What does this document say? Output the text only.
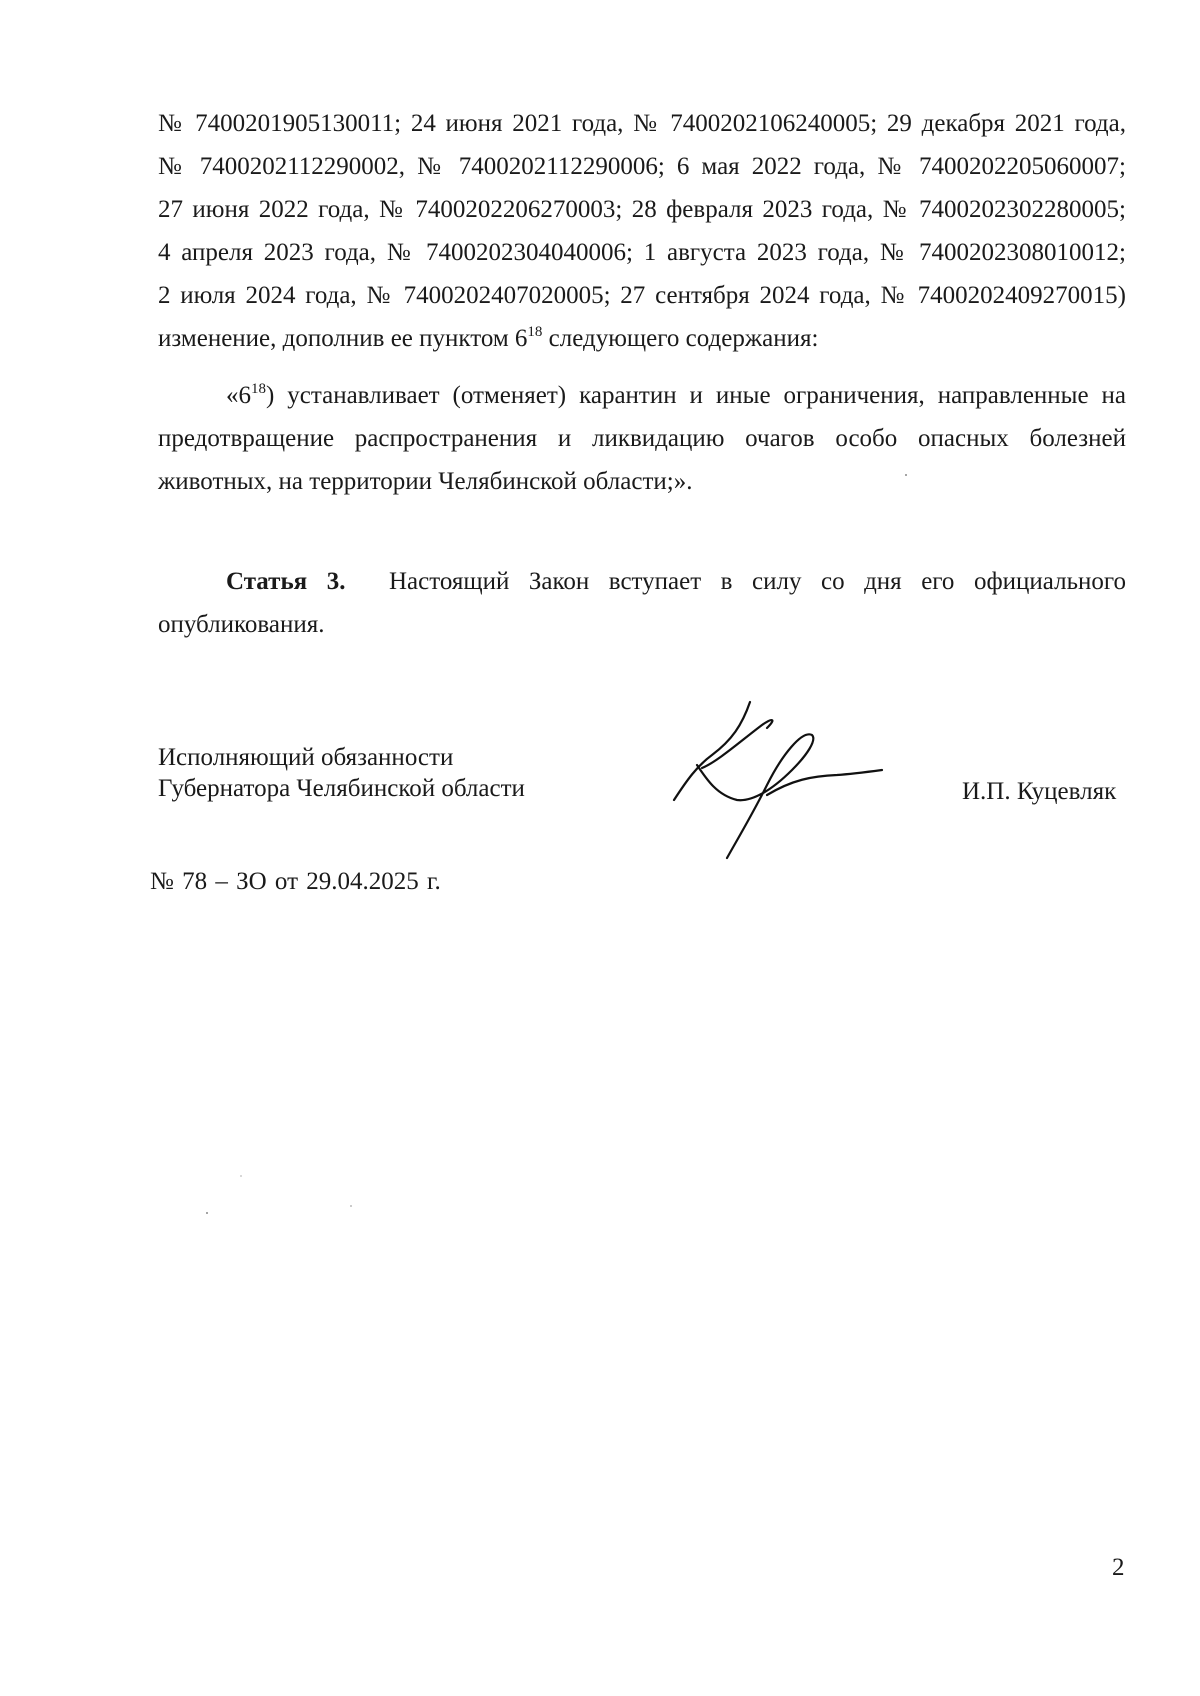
№ 7400201905130011; 24 июня 2021 года, № 7400202106240005; 29 декабря 2021 года,
№ 7400202112290002, № 7400202112290006; 6 мая 2022 года, № 7400202205060007;
27 июня 2022 года, № 7400202206270003; 28 февраля 2023 года, № 7400202302280005;
4 апреля 2023 года, № 7400202304040006; 1 августа 2023 года, № 7400202308010012;
2 июля 2024 года, № 7400202407020005; 27 сентября 2024 года, № 7400202409270015)
изменение, дополнив ее пунктом $6^{18}$ следующего содержания:
«$6^{18}$) устанавливает (отменяет) карантин и иные ограничения, направленные на
предотвращение распространения и ликвидацию очагов особо опасных болезней
животных, на территории Челябинской области;».
Статья 3. Настоящий Закон вступает в силу со дня его официального
опубликования.
Исполняющий обязанности
Губернатора Челябинской области	И.П. Куцевляк
№ 78 – ЗО от 29.04.2025 г.
2
